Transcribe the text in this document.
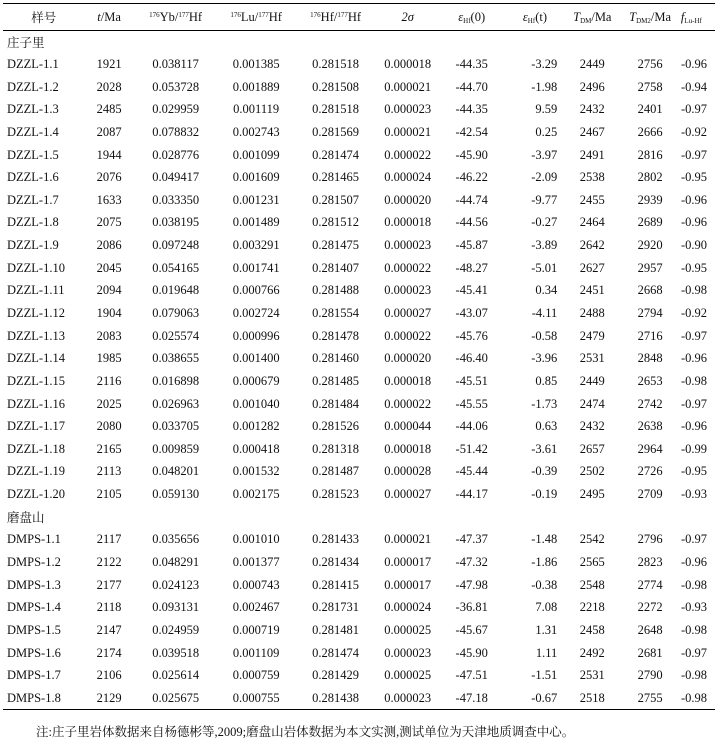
样号	t/Ma	$^{176}$Yb/$^{177}$Hf	$^{176}$Lu/$^{177}$Hf	$^{176}$Hf/$^{177}$Hf	2σ	$\varepsilon_{Hf}(0)$	$\varepsilon_{Hf}(t)$	$T_{DM}/Ma$	$T_{DM2}/Ma$	$f_{Lu-Hf}$
庄子里										
DZZL-1.1	1921	0.038117	0.001385	0.281518	0.000018	-44.35	-3.29	2449	2756	-0.96
DZZL-1.2	2028	0.053728	0.001889	0.281508	0.000021	-44.70	-1.98	2496	2758	-0.94
DZZL-1.3	2485	0.029959	0.001119	0.281518	0.000023	-44.35	9.59	2432	2401	-0.97
DZZL-1.4	2087	0.078832	0.002743	0.281569	0.000021	-42.54	0.25	2467	2666	-0.92
DZZL-1.5	1944	0.028776	0.001099	0.281474	0.000022	-45.90	-3.97	2491	2816	-0.97
DZZL-1.6	2076	0.049417	0.001609	0.281465	0.000024	-46.22	-2.09	2538	2802	-0.95
DZZL-1.7	1633	0.033350	0.001231	0.281507	0.000020	-44.74	-9.77	2455	2939	-0.96
DZZL-1.8	2075	0.038195	0.001489	0.281512	0.000018	-44.56	-0.27	2464	2689	-0.96
DZZL-1.9	2086	0.097248	0.003291	0.281475	0.000023	-45.87	-3.89	2642	2920	-0.90
DZZL-1.10	2045	0.054165	0.001741	0.281407	0.000022	-48.27	-5.01	2627	2957	-0.95
DZZL-1.11	2094	0.019648	0.000766	0.281488	0.000023	-45.41	0.34	2451	2668	-0.98
DZZL-1.12	1904	0.079063	0.002724	0.281554	0.000027	-43.07	-4.11	2488	2794	-0.92
DZZL-1.13	2083	0.025574	0.000996	0.281478	0.000022	-45.76	-0.58	2479	2716	-0.97
DZZL-1.14	1985	0.038655	0.001400	0.281460	0.000020	-46.40	-3.96	2531	2848	-0.96
DZZL-1.15	2116	0.016898	0.000679	0.281485	0.000018	-45.51	0.85	2449	2653	-0.98
DZZL-1.16	2025	0.026963	0.001040	0.281484	0.000022	-45.55	-1.73	2474	2742	-0.97
DZZL-1.17	2080	0.033705	0.001282	0.281526	0.000044	-44.06	0.63	2432	2638	-0.96
DZZL-1.18	2165	0.009859	0.000418	0.281318	0.000018	-51.42	-3.61	2657	2964	-0.99
DZZL-1.19	2113	0.048201	0.001532	0.281487	0.000028	-45.44	-0.39	2502	2726	-0.95
DZZL-1.20	2105	0.059130	0.002175	0.281523	0.000027	-44.17	-0.19	2495	2709	-0.93
磨盘山										
DMPS-1.1	2117	0.035656	0.001010	0.281433	0.000021	-47.37	-1.48	2542	2796	-0.97
DMPS-1.2	2122	0.048291	0.001377	0.281434	0.000017	-47.32	-1.86	2565	2823	-0.96
DMPS-1.3	2177	0.024123	0.000743	0.281415	0.000017	-47.98	-0.38	2548	2774	-0.98
DMPS-1.4	2118	0.093131	0.002467	0.281731	0.000024	-36.81	7.08	2218	2272	-0.93
DMPS-1.5	2147	0.024959	0.000719	0.281481	0.000025	-45.67	1.31	2458	2648	-0.98
DMPS-1.6	2174	0.039518	0.001109	0.281474	0.000023	-45.90	1.11	2492	2681	-0.97
DMPS-1.7	2106	0.025614	0.000759	0.281429	0.000025	-47.51	-1.51	2531	2790	-0.98
DMPS-1.8	2129	0.025675	0.000755	0.281438	0.000023	-47.18	-0.67	2518	2755	-0.98
注:庄子里岩体数据来自杨德彬等,2009;磨盘山岩体数据为本文实测,测试单位为天津地质调查中心。
